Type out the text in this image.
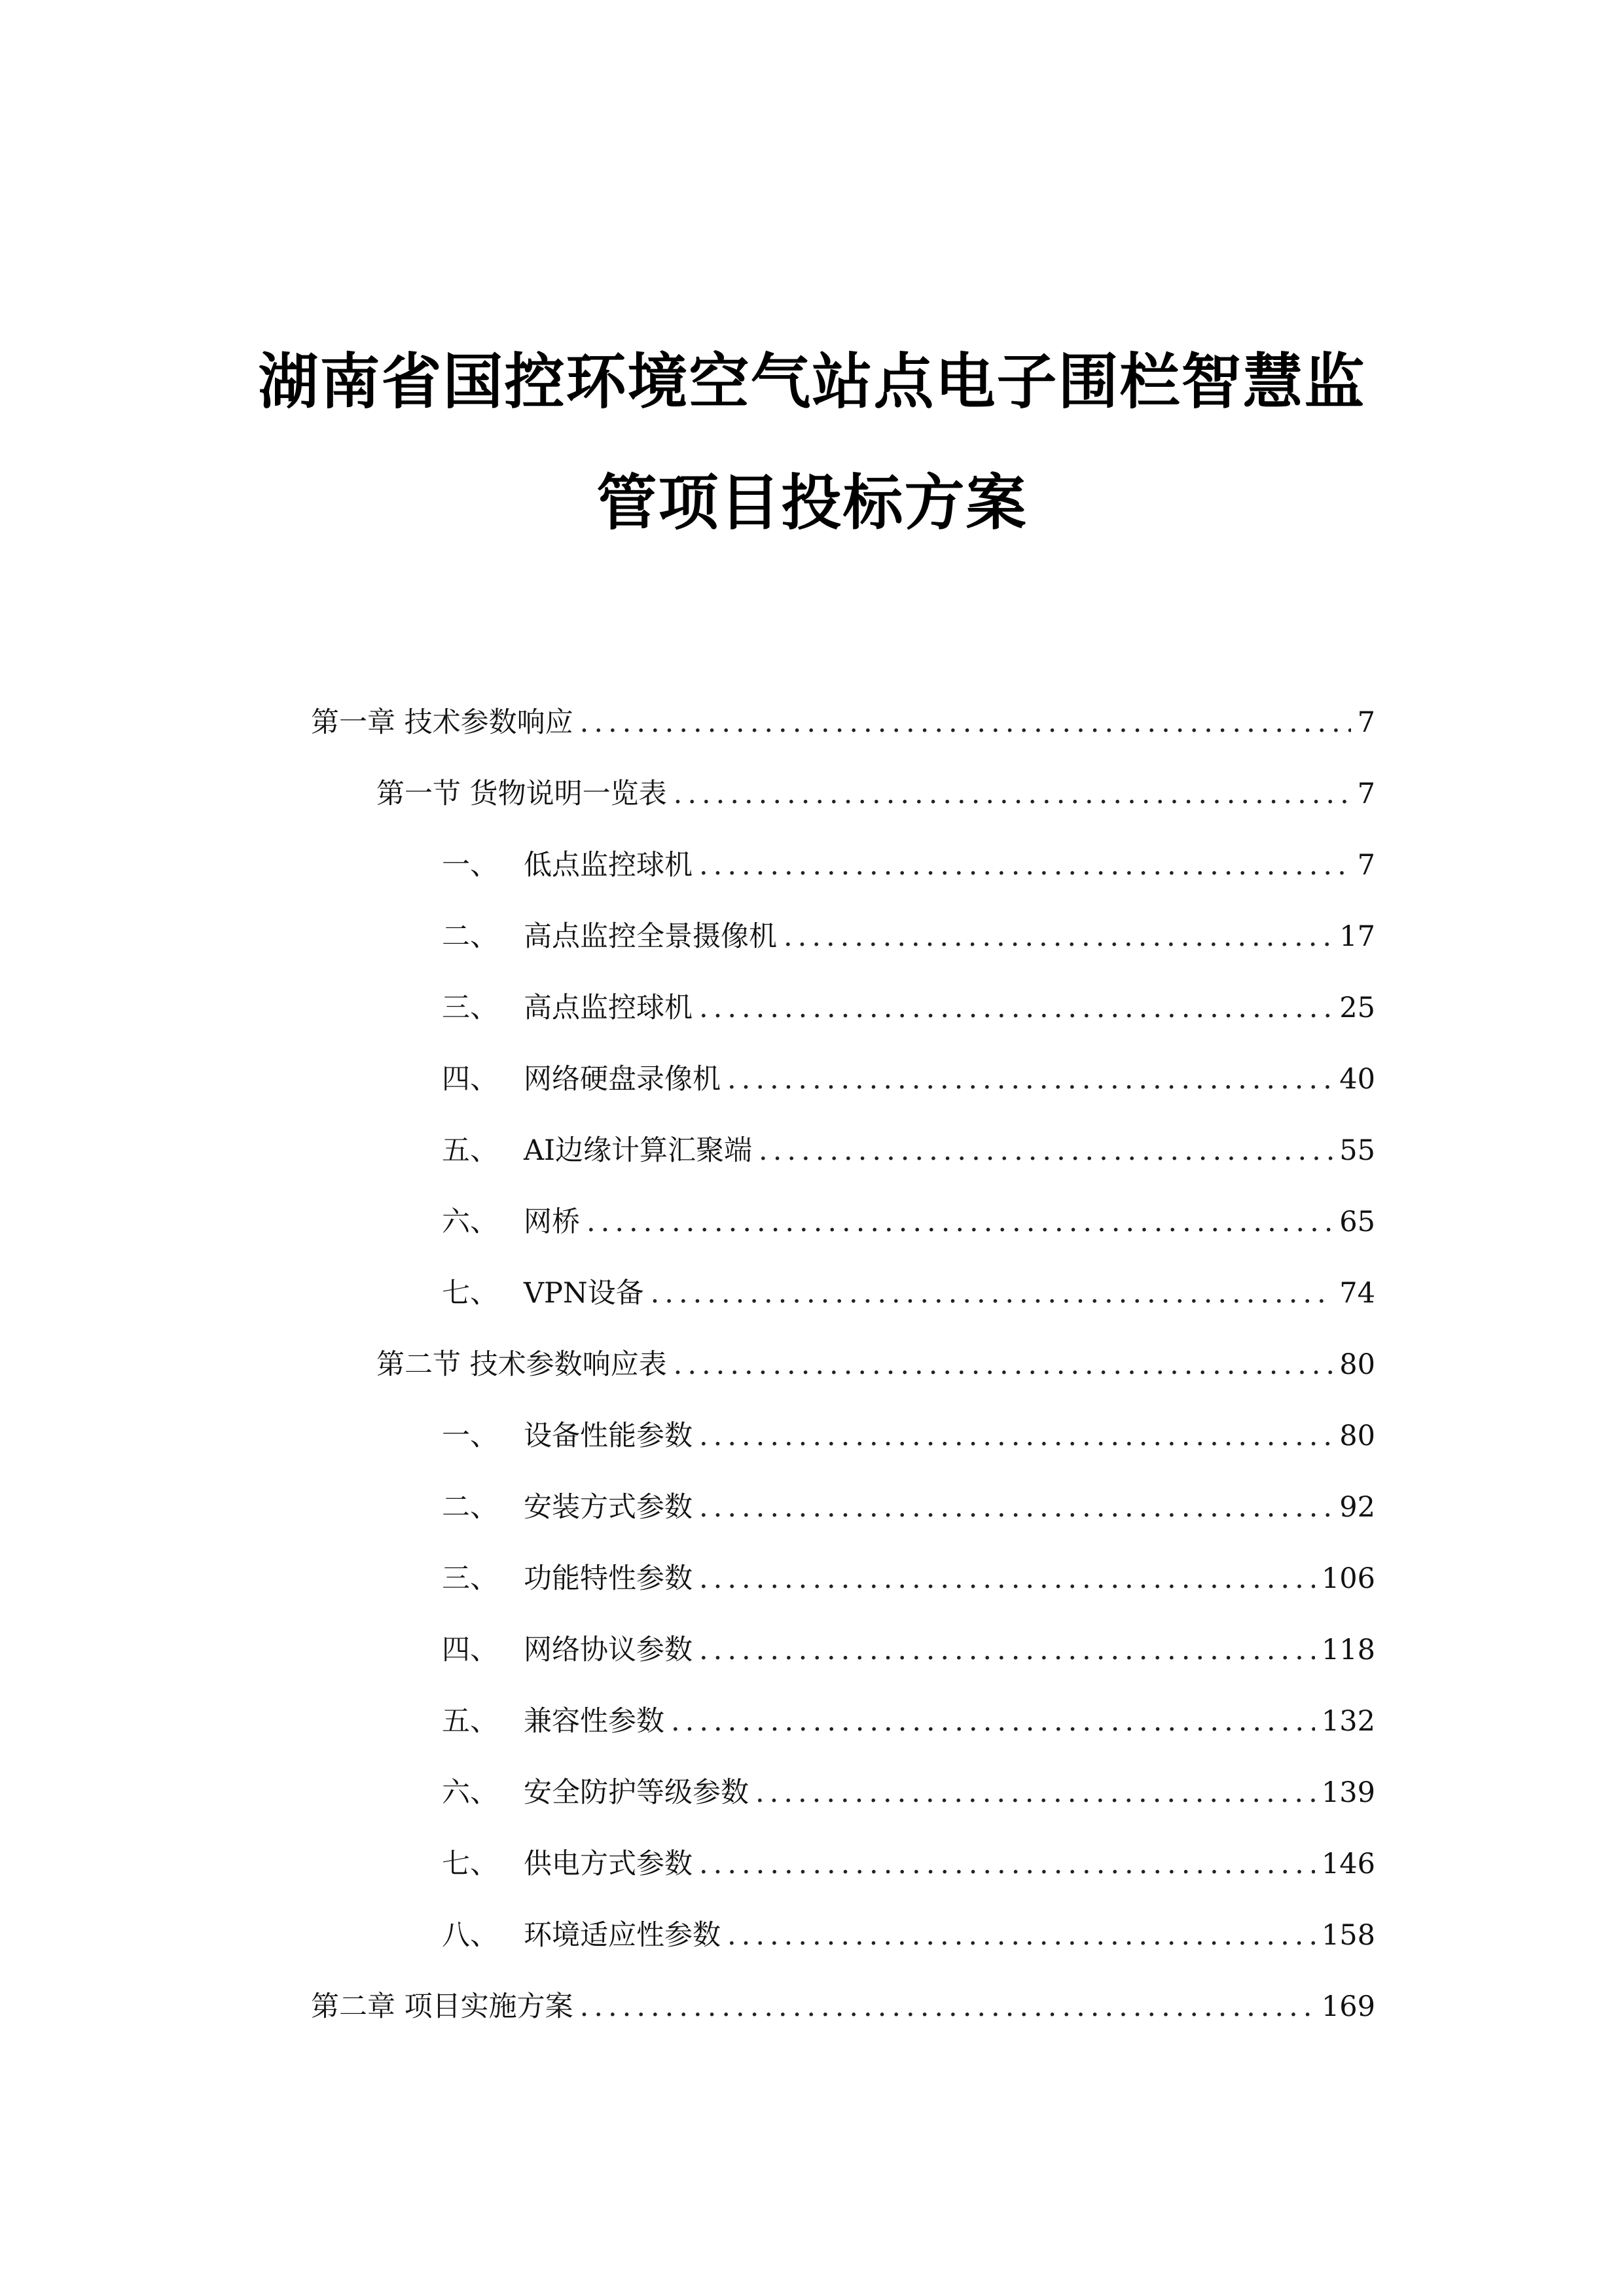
湖南省国控环境空气站点电子围栏智慧监
管项目投标方案
第一章 技术参数响应 .....	7
第一节 货物说明一览表 .....	7
一、 低点监控球机 .....	7
二、 高点监控全景摄像机 .....	17
三、 高点监控球机 .....	25
四、 网络硬盘录像机 .....	40
五、 AI边缘计算汇聚端 .....	55
六、 网桥 .....	65
七、 VPN设备 .....	74
第二节 技术参数响应表 .....	80
一、 设备性能参数 .....	80
二、 安装方式参数 .....	92
三、 功能特性参数 .....	106
四、 网络协议参数 .....	118
五、 兼容性参数 .....	132
六、 安全防护等级参数 .....	139
七、 供电方式参数 .....	146
八、 环境适应性参数 .....	158
第二章 项目实施方案 .....	169
